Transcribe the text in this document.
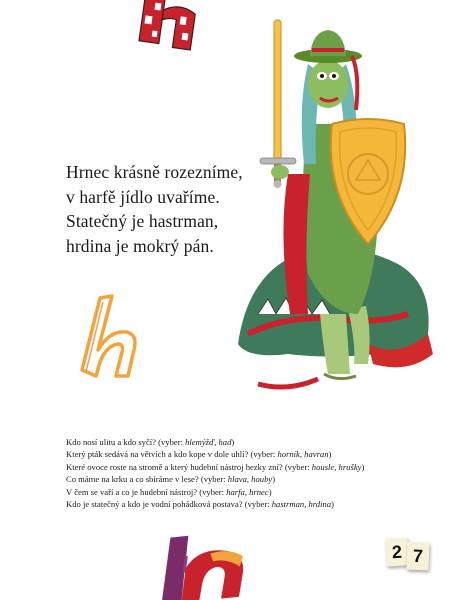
Hrnec krásně rozezníme,
v harfě jídlo uvaříme.
Statečný je hastrman,
hrdina je mokrý pán.
Kdo nosí ulitu a kdo syčí? (vyber: hlemýžď, had)
Který pták sedává na větvích a kdo kope v dole uhlí? (vyber: horník, havran)
Které ovoce roste na stromě a který hudební nástroj hezky zní? (vyber: housle, hrušky)
Co máme na krku a co sbíráme v lese? (vyber: hlava, houby)
V čem se vaří a co je hudební nástroj? (vyber: harfa, hrnec)
Kdo je statečný a kdo je vodní pohádková postava? (vyber: hastrman, hrdina)
2 7
